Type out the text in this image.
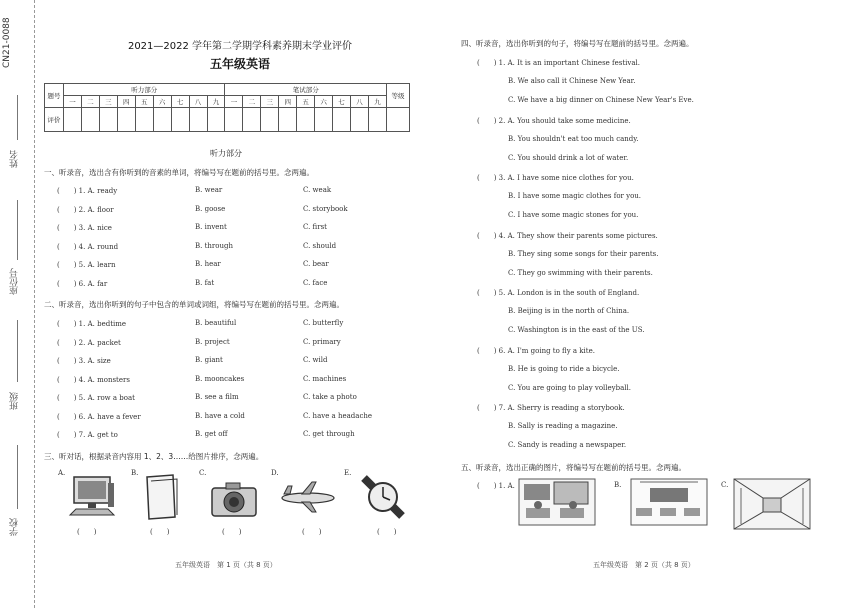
CN21-0088
姓名
座位号
班级
学校
2021—2022 学年第二学期学科素养期末学业评价
五年级英语
题号	听力部分									笔试部分									等级
	一	二	三	四	五	六	七	八	九	一	二	三	四	五	六	七	八	九	
评价																			
听力部分
一、听录音，选出含有你听到的音素的单词，将编号写在题前的括号里。念两遍。
(　　) 1. A. ready	B. wear	C. weak
(　　) 2. A. floor	B. goose	C. storybook
(　　) 3. A. nice	B. invent	C. first
(　　) 4. A. round	B. through	C. should
(　　) 5. A. learn	B. hear	C. bear
(　　) 6. A. far	B. fat	C. face
二、听录音，选出你听到的句子中包含的单词或词组，将编号写在题前的括号里。念两遍。
(　　) 1. A. bedtime	B. beautiful	C. butterfly
(　　) 2. A. packet	B. project	C. primary
(　　) 3. A. size	B. giant	C. wild
(　　) 4. A. monsters	B. mooncakes	C. machines
(　　) 5. A. row a boat	B. see a film	C. take a photo
(　　) 6. A. have a fever	B. have a cold	C. have a headache
(　　) 7. A. get to	B. get off	C. get through
三、听对话，根据录音内容用 1、2、3……给图片排序，念两遍。
A.	B.	C.	D.	E.
(　　)	(　　)	(　　)	(　　)	(　　)
五年级英语　第 1 页（共 8 页）
四、听录音，选出你听到的句子，将编号写在题前的括号里。念两遍。
(　　) 1. A. It is an important Chinese festival.
B. We also call it Chinese New Year.
C. We have a big dinner on Chinese New Year's Eve.
(　　) 2. A. You should take some medicine.
B. You shouldn't eat too much candy.
C. You should drink a lot of water.
(　　) 3. A. I have some nice clothes for you.
B. I have some magic clothes for you.
C. I have some magic stones for you.
(　　) 4. A. They show their parents some pictures.
B. They sing some songs for their parents.
C. They go swimming with their parents.
(　　) 5. A. London is in the south of England.
B. Beijing is in the north of China.
C. Washington is in the east of the US.
(　　) 6. A. I'm going to fly a kite.
B. He is going to ride a bicycle.
C. You are going to play volleyball.
(　　) 7. A. Sherry is reading a storybook.
B. Sally is reading a magazine.
C. Sandy is reading a newspaper.
五、听录音，选出正确的图片，将编号写在题前的括号里。念两遍。
(　　) 1. A.	B.	C.
五年级英语　第 2 页（共 8 页）
